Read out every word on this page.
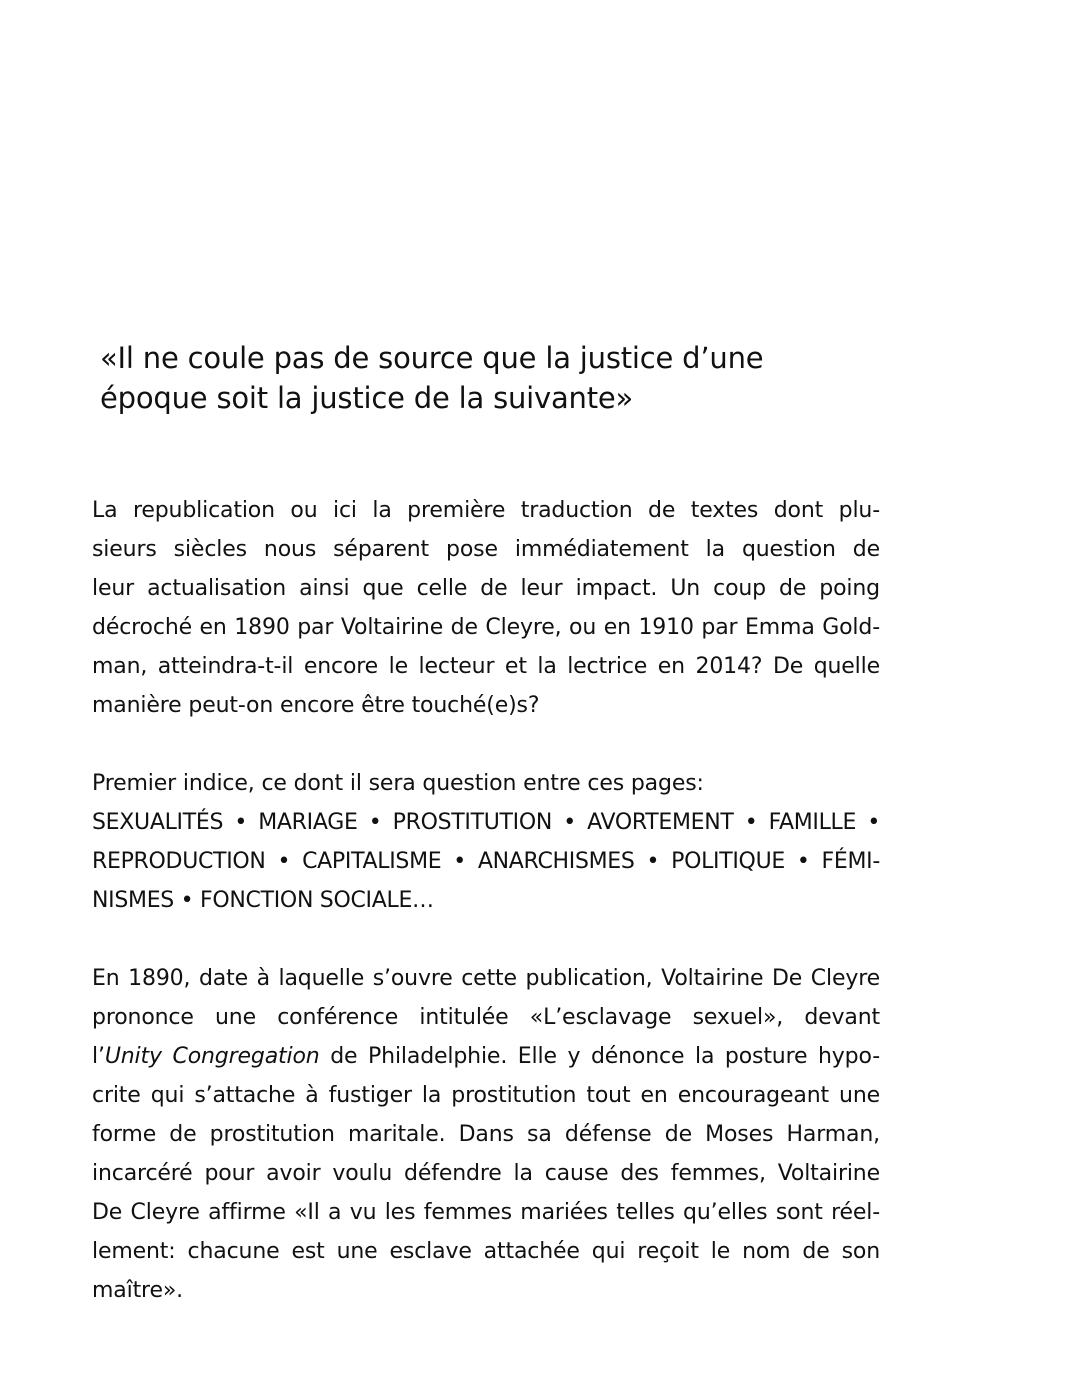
«Il ne coule pas de source que la justice d’une
époque soit la justice de la suivante»
La republication ou ici la première traduction de textes dont plu-
sieurs siècles nous séparent pose immédiatement la question de
leur actualisation ainsi que celle de leur impact. Un coup de poing
décroché en 1890 par Voltairine de Cleyre, ou en 1910 par Emma Gold-
man, atteindra-t-il encore le lecteur et la lectrice en 2014? De quelle
manière peut-on encore être touché(e)s?
Premier indice, ce dont il sera question entre ces pages:
SEXUALITÉS • MARIAGE • PROSTITUTION • AVORTEMENT • FAMILLE •
REPRODUCTION • CAPITALISME • ANARCHISMES • POLITIQUE • FÉMI-
NISMES • FONCTION SOCIALE…
En 1890, date à laquelle s’ouvre cette publication, Voltairine De Cleyre
prononce une conférence intitulée «L’esclavage sexuel», devant
l’Unity Congregation de Philadelphie. Elle y dénonce la posture hypo-
crite qui s’attache à fustiger la prostitution tout en encourageant une
forme de prostitution maritale. Dans sa défense de Moses Harman,
incarcéré pour avoir voulu défendre la cause des femmes, Voltairine
De Cleyre affirme «Il a vu les femmes mariées telles qu’elles sont réel-
lement: chacune est une esclave attachée qui reçoit le nom de son
maître».
